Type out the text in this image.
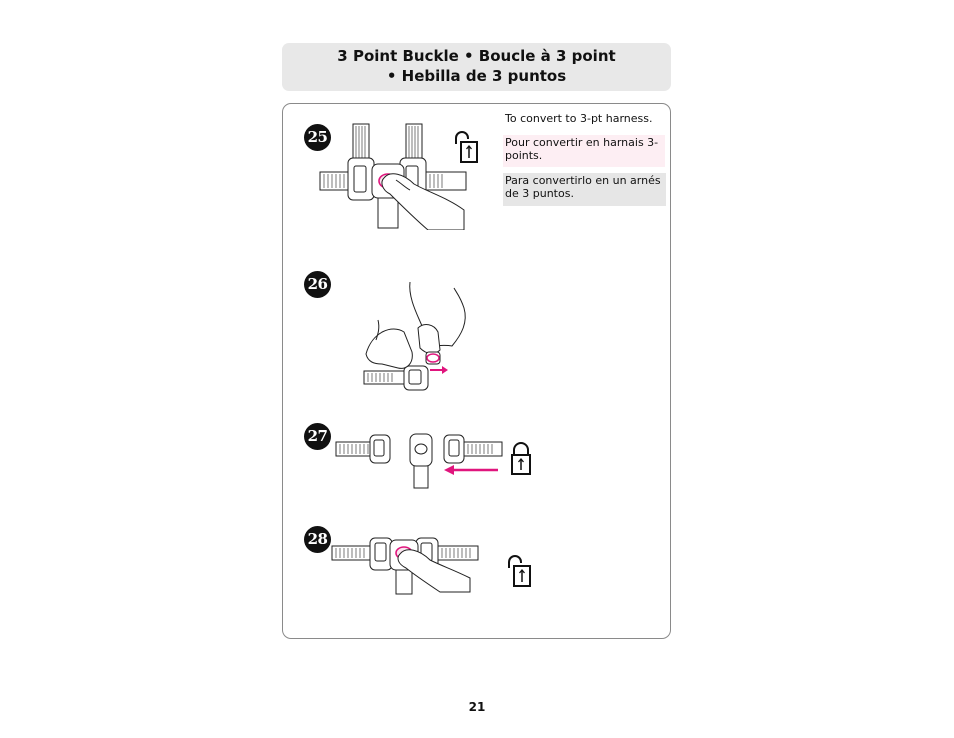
3 Point Buckle • Boucle à 3 point
• Hebilla de 3 puntos
To convert to 3-pt harness.
Pour convertir en harnais 3-points.
Para convertirlo en un arnés de 3 puntos.
25
26
27
28
21
